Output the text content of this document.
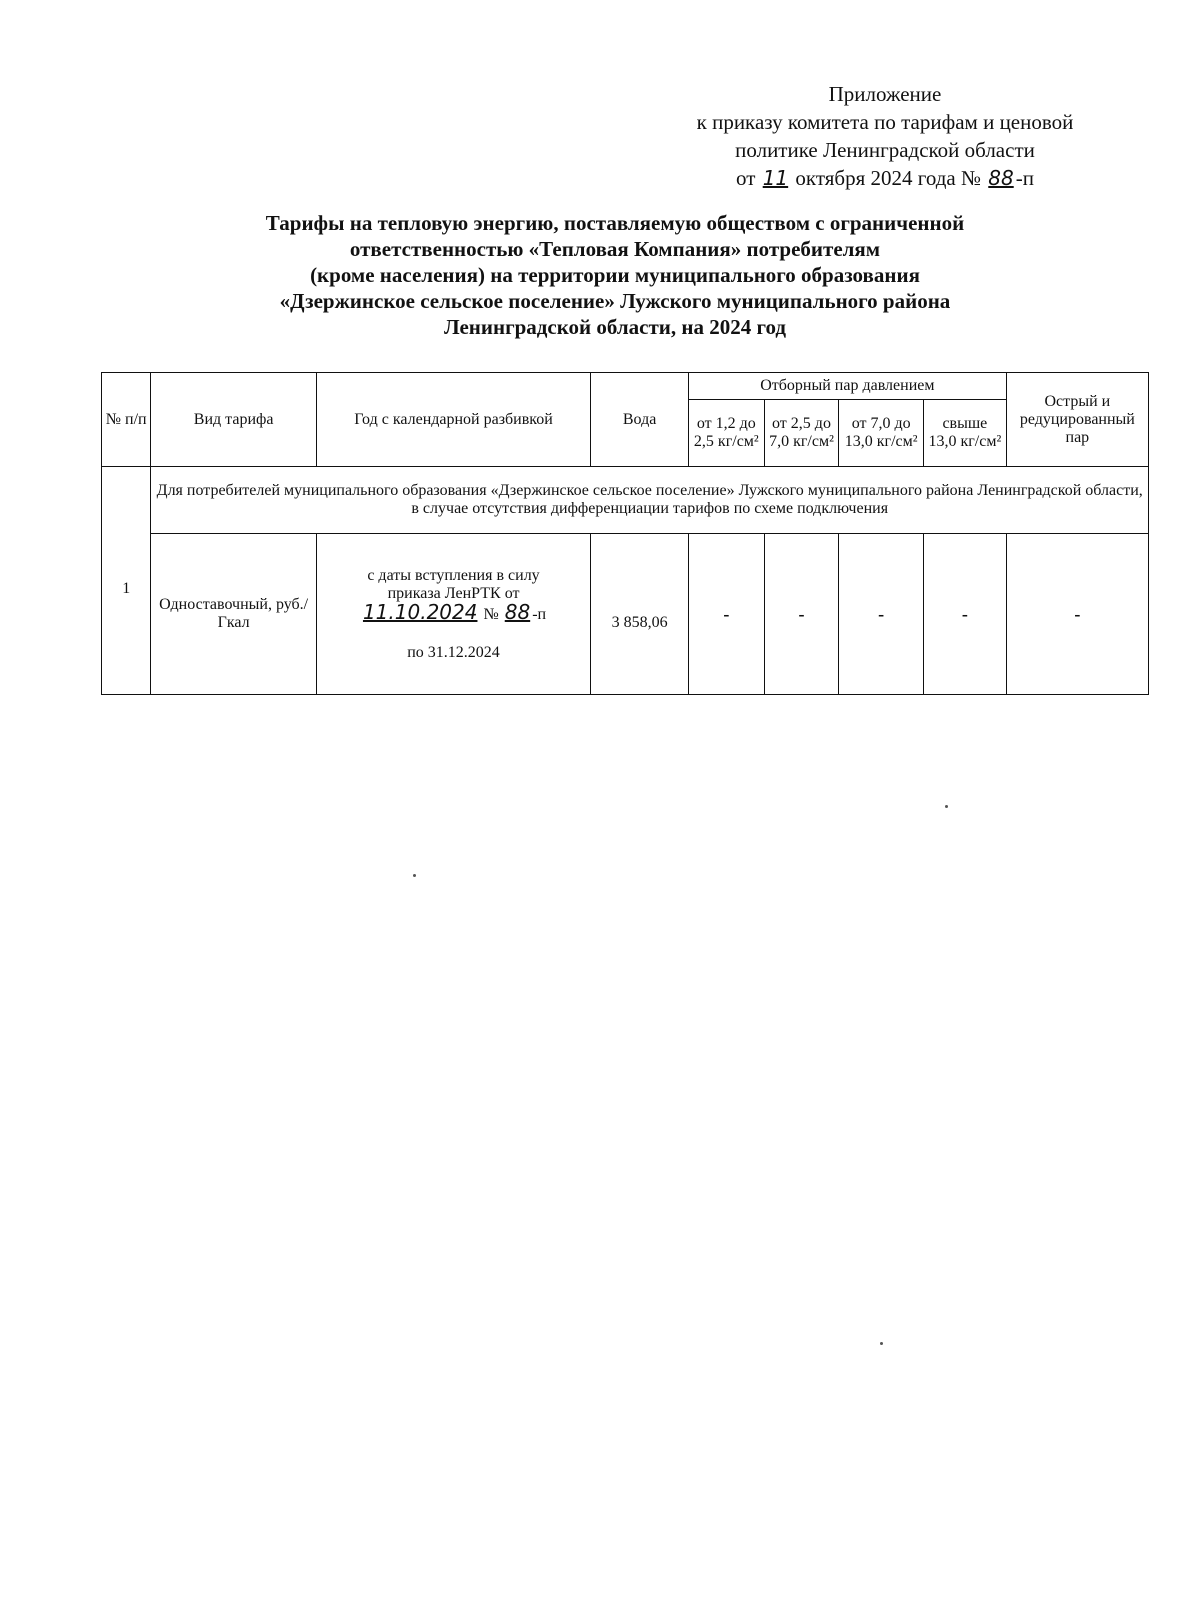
Приложение
к приказу комитета по тарифам и ценовой
политике Ленинградской области
от 11 октября 2024 года № 88-п
Тарифы на тепловую энергию, поставляемую обществом с ограниченной
ответственностью «Тепловая Компания» потребителям
(кроме населения) на территории муниципального образования
«Дзержинское сельское поселение» Лужского муниципального района
Ленинградской области, на 2024 год
№ п/п	Вид тарифа	Год с календарной разбивкой	Вода	Отборный пар давлением				Острый и редуцированный пар
				от 1,2 до 2,5 кг/см²	от 2,5 до 7,0 кг/см²	от 7,0 до 13,0 кг/см²	свыше 13,0 кг/см²	
1	Для потребителей муниципального образования «Дзержинское сельское поселение» Лужского муниципального района Ленинградской области, в случае отсутствия дифференциации тарифов по схеме подключения							
	Одноставочный, руб./Гкал	с даты вступления в силу
приказа ЛенРТК от
11.10.2024 № 88 -п
по 31.12.2024	3 858,06	-	-	-	-	-
